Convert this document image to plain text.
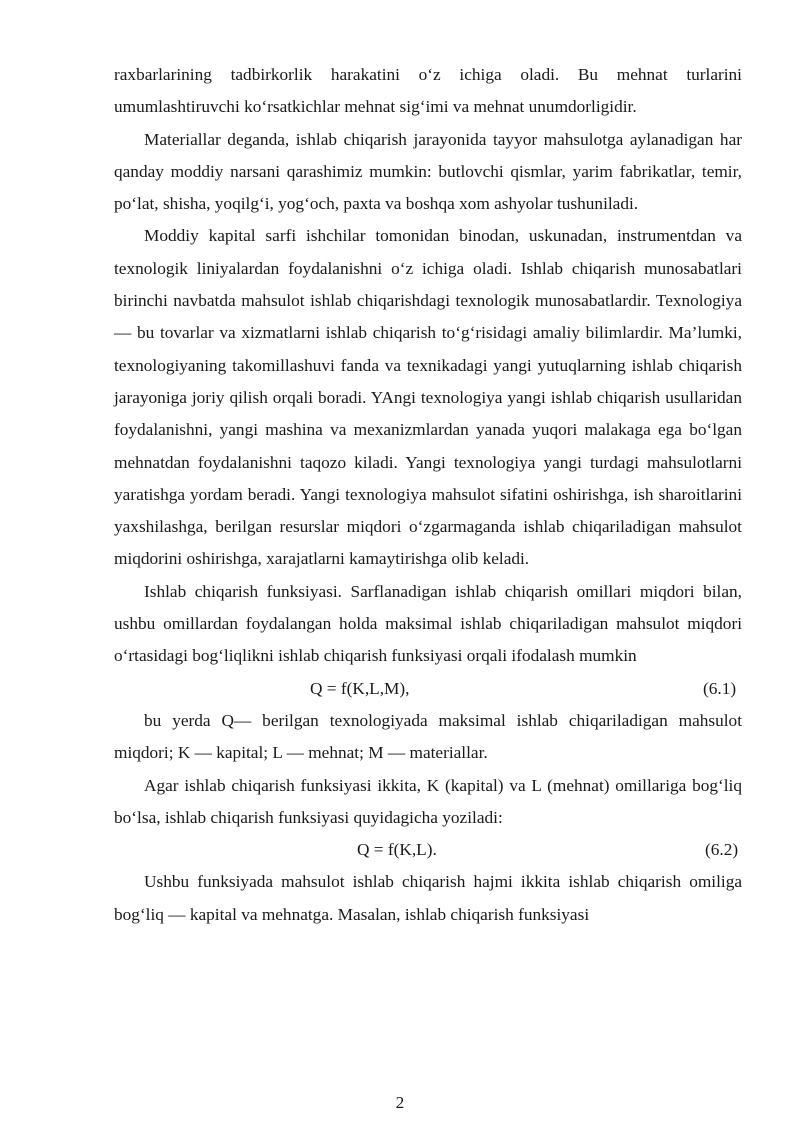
raxbarlarining tadbirkorlik harakatini o‘z ichiga oladi. Bu mehnat turlarini umumlashtiruvchi ko‘rsatkichlar mehnat sig‘imi va mehnat unumdorligidir.

Materiallar deganda, ishlab chiqarish jarayonida tayyor mahsulotga aylanadigan har qanday moddiy narsani qarashimiz mumkin: butlovchi qismlar, yarim fabrikatlar, temir, po‘lat, shisha, yoqilg‘i, yog‘och, paxta va boshqa xom ashyolar tushuniladi.

Moddiy kapital sarfi ishchilar tomonidan binodan, uskunadan, instrumentdan va texnologik liniyalardan foydalanishni o‘z ichiga oladi. Ishlab chiqarish munosabatlari birinchi navbatda mahsulot ishlab chiqarishdagi texnologik munosabatlardir. Texnologiya — bu tovarlar va xizmatlarni ishlab chiqarish to‘g‘risidagi amaliy bilimlardir. Ma’lumki, texnologiyaning takomillashuvi fanda va texnikadagi yangi yutuqlarning ishlab chiqarish jarayoniga joriy qilish orqali boradi. YAngi texnologiya yangi ishlab chiqarish usullaridan foydalanishni, yangi mashina va mexanizmlardan yanada yuqori malakaga ega bo‘lgan mehnatdan foydalanishni taqozo kiladi. Yangi texnologiya yangi turdagi mahsulotlarni yaratishga yordam beradi. Yangi texnologiya mahsulot sifatini oshirishga, ish sharoitlarini yaxshilashga, berilgan resurslar miqdori o‘zgarmaganda ishlab chiqariladigan mahsulot miqdorini oshirishga, xarajatlarni kamaytirishga olib keladi.

Ishlab chiqarish funksiyasi. Sarflanadigan ishlab chiqarish omillari miqdori bilan, ushbu omillardan foydalangan holda maksimal ishlab chiqariladigan mahsulot miqdori o‘rtasidagi bog‘liqlikni ishlab chiqarish funksiyasi orqali ifodalash mumkin

Q = f(K,L,M),	(6.1)

bu yerda Q— berilgan texnologiyada maksimal ishlab chiqariladigan mahsulot miqdori; K — kapital; L — mehnat; M — materiallar.

Agar ishlab chiqarish funksiyasi ikkita, K (kapital) va L (mehnat) omillariga bog‘liq bo‘lsa, ishlab chiqarish funksiyasi quyidagicha yoziladi:

Q = f(K,L).	(6.2)

Ushbu funksiyada mahsulot ishlab chiqarish hajmi ikkita ishlab chiqarish omiliga bog‘liq — kapital va mehnatga. Masalan, ishlab chiqarish funksiyasi

2
